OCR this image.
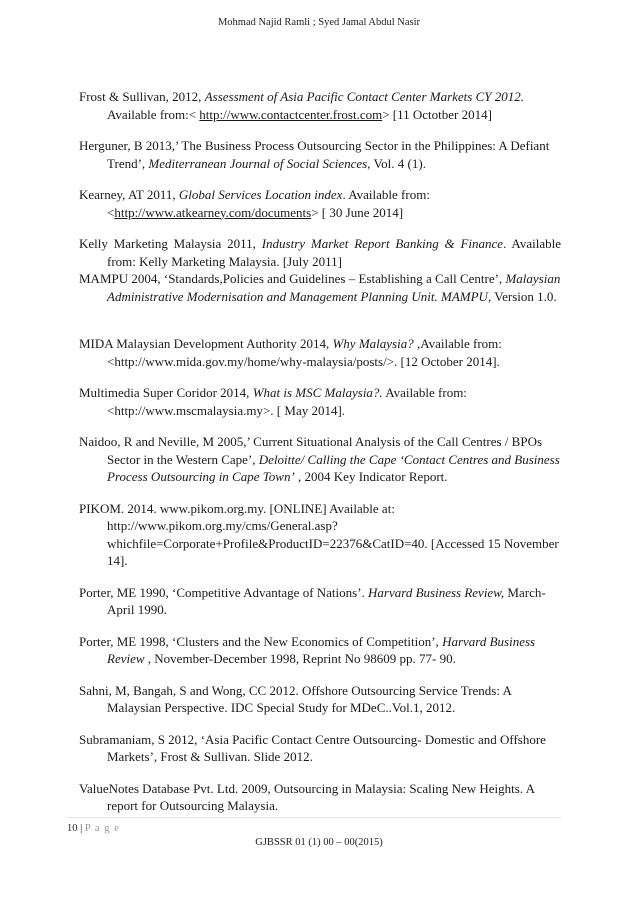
Mohmad Najid Ramli ; Syed Jamal Abdul Nasir

Frost & Sullivan, 2012, Assessment of Asia Pacific Contact Center Markets CY 2012.
Available from:< http://www.contactcenter.frost.com> [11 Octotber 2014]

Herguner, B 2013,’ The Business Process Outsourcing Sector in the Philippines: A Defiant Trend’, Mediterranean Journal of Social Sciences, Vol. 4 (1).

Kearney, AT 2011, Global Services Location index. Available from:<http://www.atkearney.com/documents> [ 30 June 2014]

Kelly Marketing Malaysia 2011, Industry Market Report Banking & Finance. Available from: Kelly Marketing Malaysia. [July 2011]

MAMPU 2004, ‘Standards,Policies and Guidelines – Establishing a Call Centre’, Malaysian Administrative Modernisation and Management Planning Unit. MAMPU, Version 1.0.

MIDA Malaysian Development Authority 2014, Why Malaysia? ,Available from: <http://www.mida.gov.my/home/why-malaysia/posts/>. [12 October 2014].

Multimedia Super Coridor 2014, What is MSC Malaysia?. Available from: <http://www.mscmalaysia.my>. [ May 2014].

Naidoo, R and Neville, M 2005,’ Current Situational Analysis of the Call Centres / BPOs Sector in the Western Cape’, Deloitte/ Calling the Cape ‘Contact Centres and Business Process Outsourcing in Cape Town’ , 2004 Key Indicator Report.

PIKOM. 2014. www.pikom.org.my. [ONLINE] Available at:
http://www.pikom.org.my/cms/General.asp?
whichfile=Corporate+Profile&ProductID=22376&CatID=40. [Accessed 15 November 14].

Porter, ME 1990, ‘Competitive Advantage of Nations’. Harvard Business Review, March-April 1990.

Porter, ME 1998, ‘Clusters and the New Economics of Competition’, Harvard Business Review , November-December 1998, Reprint No 98609 pp. 77- 90.

Sahni, M, Bangah, S and Wong, CC 2012. Offshore Outsourcing Service Trends: A Malaysian Perspective. IDC Special Study for MDeC..Vol.1, 2012.

Subramaniam, S 2012, ‘Asia Pacific Contact Centre Outsourcing- Domestic and Offshore Markets’, Frost & Sullivan. Slide 2012.

ValueNotes Database Pvt. Ltd. 2009, Outsourcing in Malaysia: Scaling New Heights. A report for Outsourcing Malaysia.

10 | P a g e
GJBSSR 01 (1) 00 – 00(2015)
